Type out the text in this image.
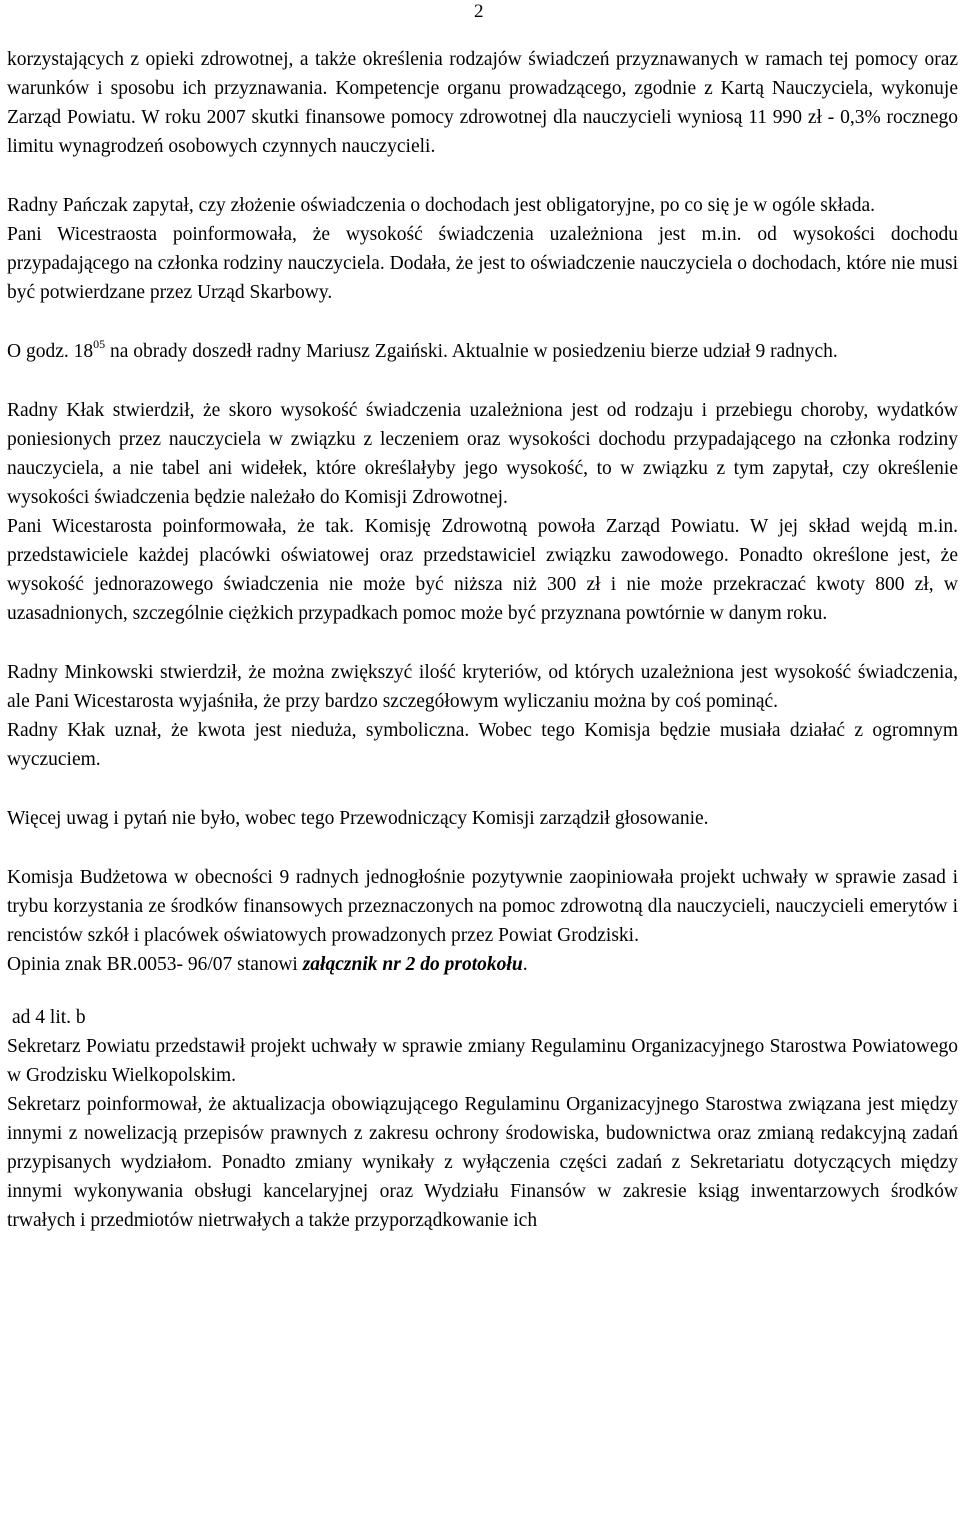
2

korzystających z opieki zdrowotnej, a także określenia rodzajów świadczeń przyznawanych w ramach tej pomocy oraz warunków i sposobu ich przyznawania. Kompetencje organu prowadzącego, zgodnie z Kartą Nauczyciela, wykonuje Zarząd Powiatu. W roku 2007 skutki finansowe pomocy zdrowotnej dla nauczycieli wyniosą 11 990 zł - 0,3% rocznego limitu wynagrodzeń osobowych czynnych nauczycieli.

Radny Pańczak zapytał, czy złożenie oświadczenia o dochodach jest obligatoryjne, po co się je w ogóle składa.

Pani Wicestraosta poinformowała, że wysokość świadczenia uzależniona jest m.in. od wysokości dochodu przypadającego na członka rodziny nauczyciela. Dodała, że jest to oświadczenie nauczyciela o dochodach, które nie musi być potwierdzane przez Urząd Skarbowy.

O godz. $18^{05}$ na obrady doszedł radny Mariusz Zgaiński. Aktualnie w posiedzeniu bierze udział 9 radnych.

Radny Kłak stwierdził, że skoro wysokość świadczenia uzależniona jest od rodzaju i przebiegu choroby, wydatków poniesionych przez nauczyciela w związku z leczeniem oraz wysokości dochodu przypadającego na członka rodziny nauczyciela, a nie tabel ani widełek, które określałyby jego wysokość, to w związku z tym zapytał, czy określenie wysokości świadczenia będzie należało do Komisji Zdrowotnej.

Pani Wicestarosta poinformowała, że tak. Komisję Zdrowotną powoła Zarząd Powiatu. W jej skład wejdą m.in. przedstawiciele każdej placówki oświatowej oraz przedstawiciel związku zawodowego. Ponadto określone jest, że wysokość jednorazowego świadczenia nie może być niższa niż 300 zł i nie może przekraczać kwoty 800 zł, w uzasadnionych, szczególnie ciężkich przypadkach pomoc może być przyznana powtórnie w danym roku.

Radny Minkowski stwierdził, że można zwiększyć ilość kryteriów, od których uzależniona jest wysokość świadczenia, ale Pani Wicestarosta wyjaśniła, że przy bardzo szczegółowym wyliczaniu można by coś pominąć.

Radny Kłak uznał, że kwota jest nieduża, symboliczna. Wobec tego Komisja będzie musiała działać z ogromnym wyczuciem.

Więcej uwag i pytań nie było, wobec tego Przewodniczący Komisji zarządził głosowanie.

Komisja Budżetowa w obecności 9 radnych jednogłośnie pozytywnie zaopiniowała projekt uchwały w sprawie zasad i trybu korzystania ze środków finansowych przeznaczonych na pomoc zdrowotną dla nauczycieli, nauczycieli emerytów i rencistów szkół i placówek oświatowych prowadzonych przez Powiat Grodziski.

Opinia znak BR.0053- 96/07 stanowi załącznik nr 2 do protokołu.

ad 4 lit. b

Sekretarz Powiatu przedstawił projekt uchwały w sprawie zmiany Regulaminu Organizacyjnego Starostwa Powiatowego w Grodzisku Wielkopolskim.

Sekretarz poinformował, że aktualizacja obowiązującego Regulaminu Organizacyjnego Starostwa związana jest między innymi z nowelizacją przepisów prawnych z zakresu ochrony środowiska, budownictwa oraz zmianą redakcyjną zadań przypisanych wydziałom. Ponadto zmiany wynikały z wyłączenia części zadań z Sekretariatu dotyczących między innymi wykonywania obsługi kancelaryjnej oraz Wydziału Finansów w zakresie ksiąg inwentarzowych środków trwałych i przedmiotów nietrwałych a także przyporządkowanie ich
